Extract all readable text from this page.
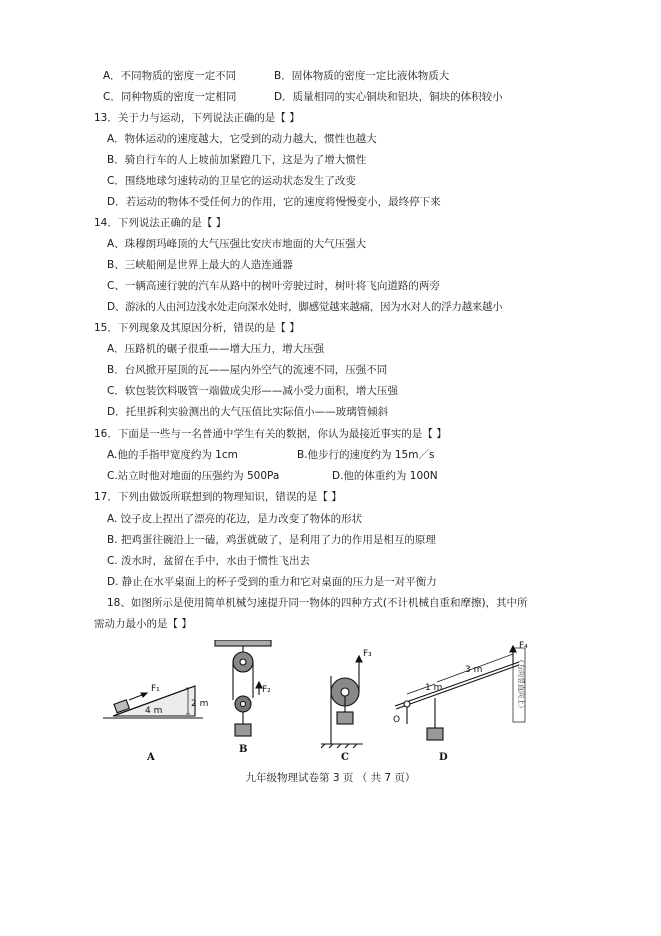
A．不同物质的密度一定不同	B．固体物质的密度一定比液体物质大
C．同种物质的密度一定相同	D．质量相同的实心铜块和铝块，铜块的体积较小
13．关于力与运动，下列说法正确的是【 】
A．物体运动的速度越大，它受到的动力越大，惯性也越大
B．骑自行车的人上坡前加紧蹬几下，这是为了增大惯性
C．围绕地球匀速转动的卫星它的运动状态发生了改变
D．若运动的物体不受任何力的作用，它的速度将慢慢变小，最终停下来
14．下列说法正确的是【 】
A、珠穆朗玛峰顶的大气压强比安庆市地面的大气压强大
B、三峡船闸是世界上最大的人造连通器
C、一辆高速行驶的汽车从路中的树叶旁驶过时，树叶将飞向道路的两旁
D、游泳的人由河边浅水处走向深水处时，脚感觉越来越痛，因为水对人的浮力越来越小
15．下列现象及其原因分析，错误的是【 】
A．压路机的碾子很重——增大压力，增大压强
B．台风掀开屋顶的瓦——屋内外空气的流速不同，压强不同
C．软包装饮料吸管一端做成尖形——减小受力面积，增大压强
D．托里拆利实验测出的大气压值比实际值小——玻璃管倾斜
16．下面是一些与一名普通中学生有关的数据，你认为最接近事实的是【 】
A.他的手指甲宽度约为 1cm	B.他步行的速度约为 15m／s
C.站立时他对地面的压强约为 500Pa	D.他的体重约为 100N
17．下列由做饭所联想到的物理知识，错误的是【 】
A. 饺子皮上捏出了漂亮的花边，是力改变了物体的形状
B. 把鸡蛋往碗沿上一磕，鸡蛋就破了，是利用了力的作用是相互的原理
C. 泼水时，盆留在手中，水由于惯性飞出去
D. 静止在水平桌面上的杯子受到的重力和它对桌面的压力是一对平衡力
18、如图所示是使用简单机械匀速提升同一物体的四种方式(不计机械自重和摩擦)，其中所
需动力最小的是【 】
F₁
4 m
2 m
A
F₂
B
F₃
C
1 m
3 m
O
F₄
（方向竖直向上）
D
九年级物理试卷第 3 页 （ 共 7 页）
